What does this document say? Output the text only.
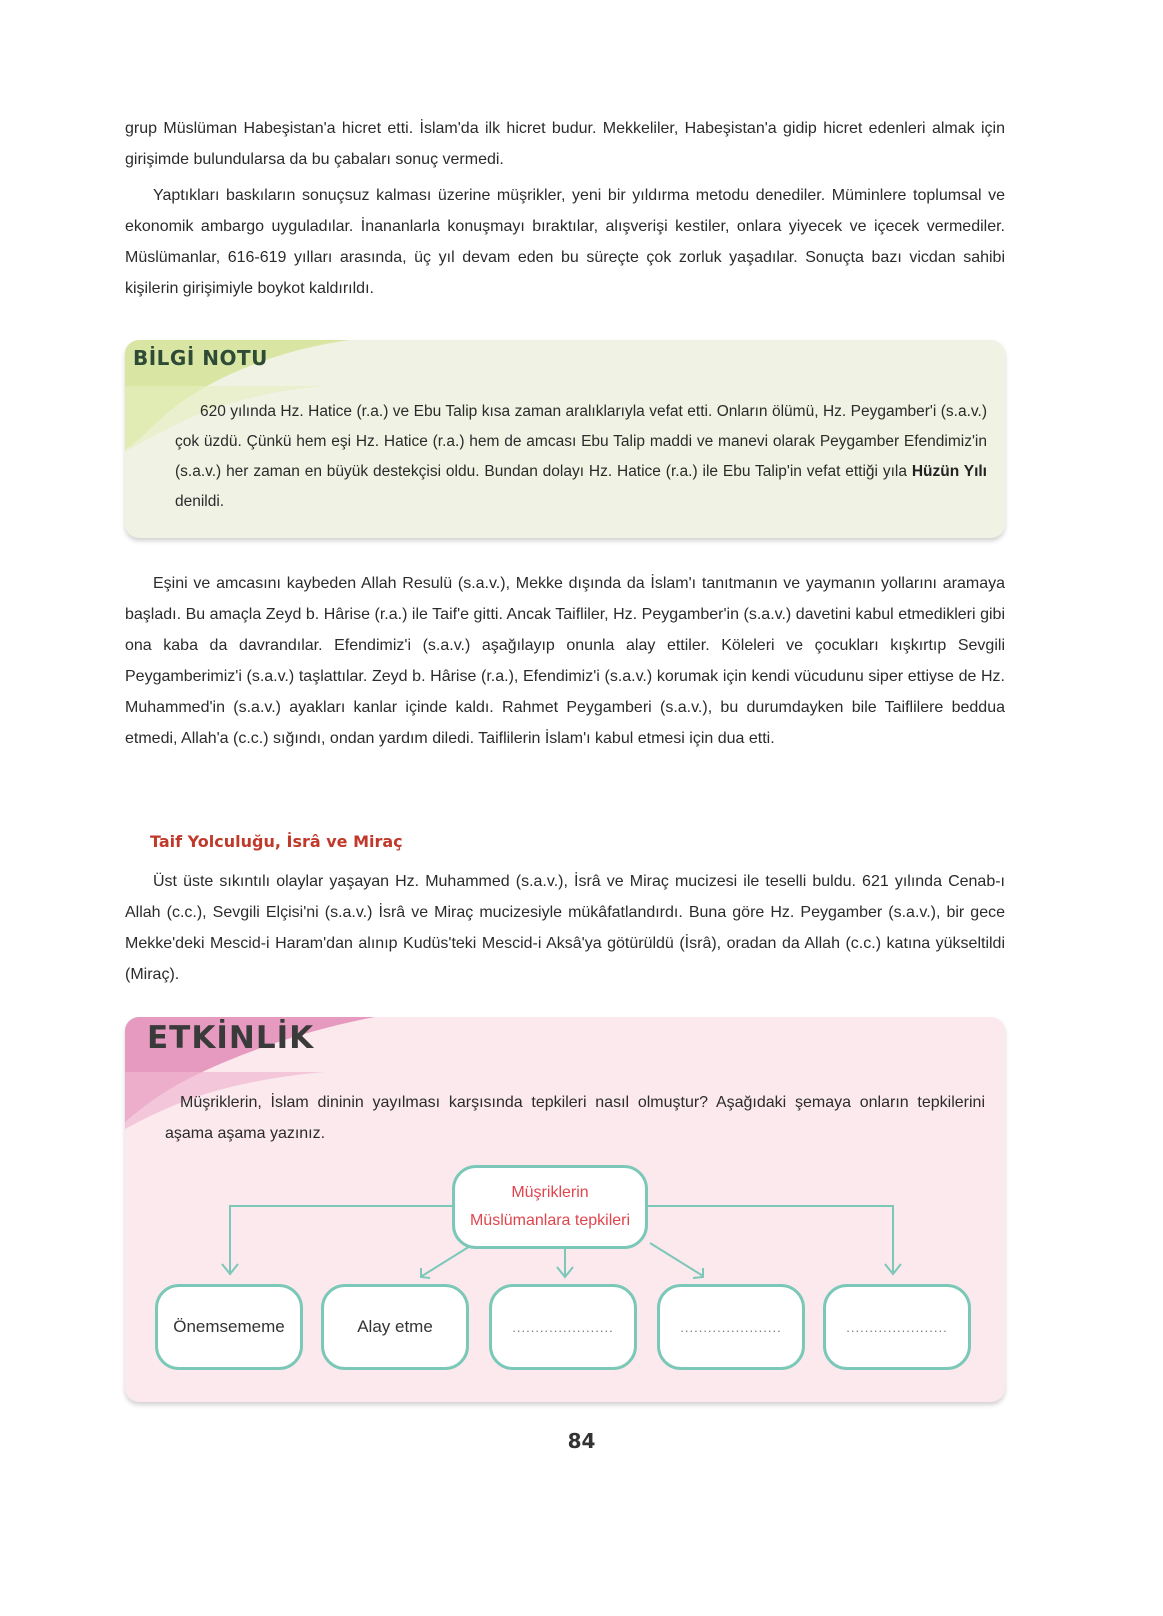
grup Müslüman Habeşistan'a hicret etti. İslam'da ilk hicret budur. Mekkeliler, Habeşistan'a gidip hicret edenleri almak için girişimde bulundularsa da bu çabaları sonuç vermedi.

Yaptıkları baskıların sonuçsuz kalması üzerine müşrikler, yeni bir yıldırma metodu denediler. Müminlere toplumsal ve ekonomik ambargo uyguladılar. İnananlarla konuşmayı bıraktılar, alışverişi kestiler, onlara yiyecek ve içecek vermediler. Müslümanlar, 616-619 yılları arasında, üç yıl devam eden bu süreçte çok zorluk yaşadılar. Sonuçta bazı vicdan sahibi kişilerin girişimiyle boykot kaldırıldı.

BİLGİ NOTU

620 yılında Hz. Hatice (r.a.) ve Ebu Talip kısa zaman aralıklarıyla vefat etti. Onların ölümü, Hz. Peygamber'i (s.a.v.) çok üzdü. Çünkü hem eşi Hz. Hatice (r.a.) hem de amcası Ebu Talip maddi ve manevi olarak Peygamber Efendimiz'in (s.a.v.) her zaman en büyük destekçisi oldu. Bundan dolayı Hz. Hatice (r.a.) ile Ebu Talip'in vefat ettiği yıla Hüzün Yılı denildi.

Eşini ve amcasını kaybeden Allah Resulü (s.a.v.), Mekke dışında da İslam'ı tanıtmanın ve yaymanın yollarını aramaya başladı. Bu amaçla Zeyd b. Hârise (r.a.) ile Taif'e gitti. Ancak Taifliler, Hz. Peygamber'in (s.a.v.) davetini kabul etmedikleri gibi ona kaba da davrandılar. Efendimiz'i (s.a.v.) aşağılayıp onunla alay ettiler. Köleleri ve çocukları kışkırtıp Sevgili Peygamberimiz'i (s.a.v.) taşlattılar. Zeyd b. Hârise (r.a.), Efendimiz'i (s.a.v.) korumak için kendi vücudunu siper ettiyse de Hz. Muhammed'in (s.a.v.) ayakları kanlar içinde kaldı. Rahmet Peygamberi (s.a.v.), bu durumdayken bile Taiflilere beddua etmedi, Allah'a (c.c.) sığındı, ondan yardım diledi. Taiflilerin İslam'ı kabul etmesi için dua etti.

Taif Yolculuğu, İsrâ ve Miraç

Üst üste sıkıntılı olaylar yaşayan Hz. Muhammed (s.a.v.), İsrâ ve Miraç mucizesi ile teselli buldu. 621 yılında Cenab-ı Allah (c.c.), Sevgili Elçisi'ni (s.a.v.) İsrâ ve Miraç mucizesiyle mükâfatlandırdı. Buna göre Hz. Peygamber (s.a.v.), bir gece Mekke'deki Mescid-i Haram'dan alınıp Kudüs'teki Mescid-i Aksâ'ya götürüldü (İsrâ), oradan da Allah (c.c.) katına yükseltildi (Miraç).

ETKİNLİK

Müşriklerin, İslam dininin yayılması karşısında tepkileri nasıl olmuştur? Aşağıdaki şemaya onların tepkilerini aşama aşama yazınız.

Müşriklerin
Müslümanlara tepkileri
Önemsememe	Alay etme	......................	......................	......................
84
